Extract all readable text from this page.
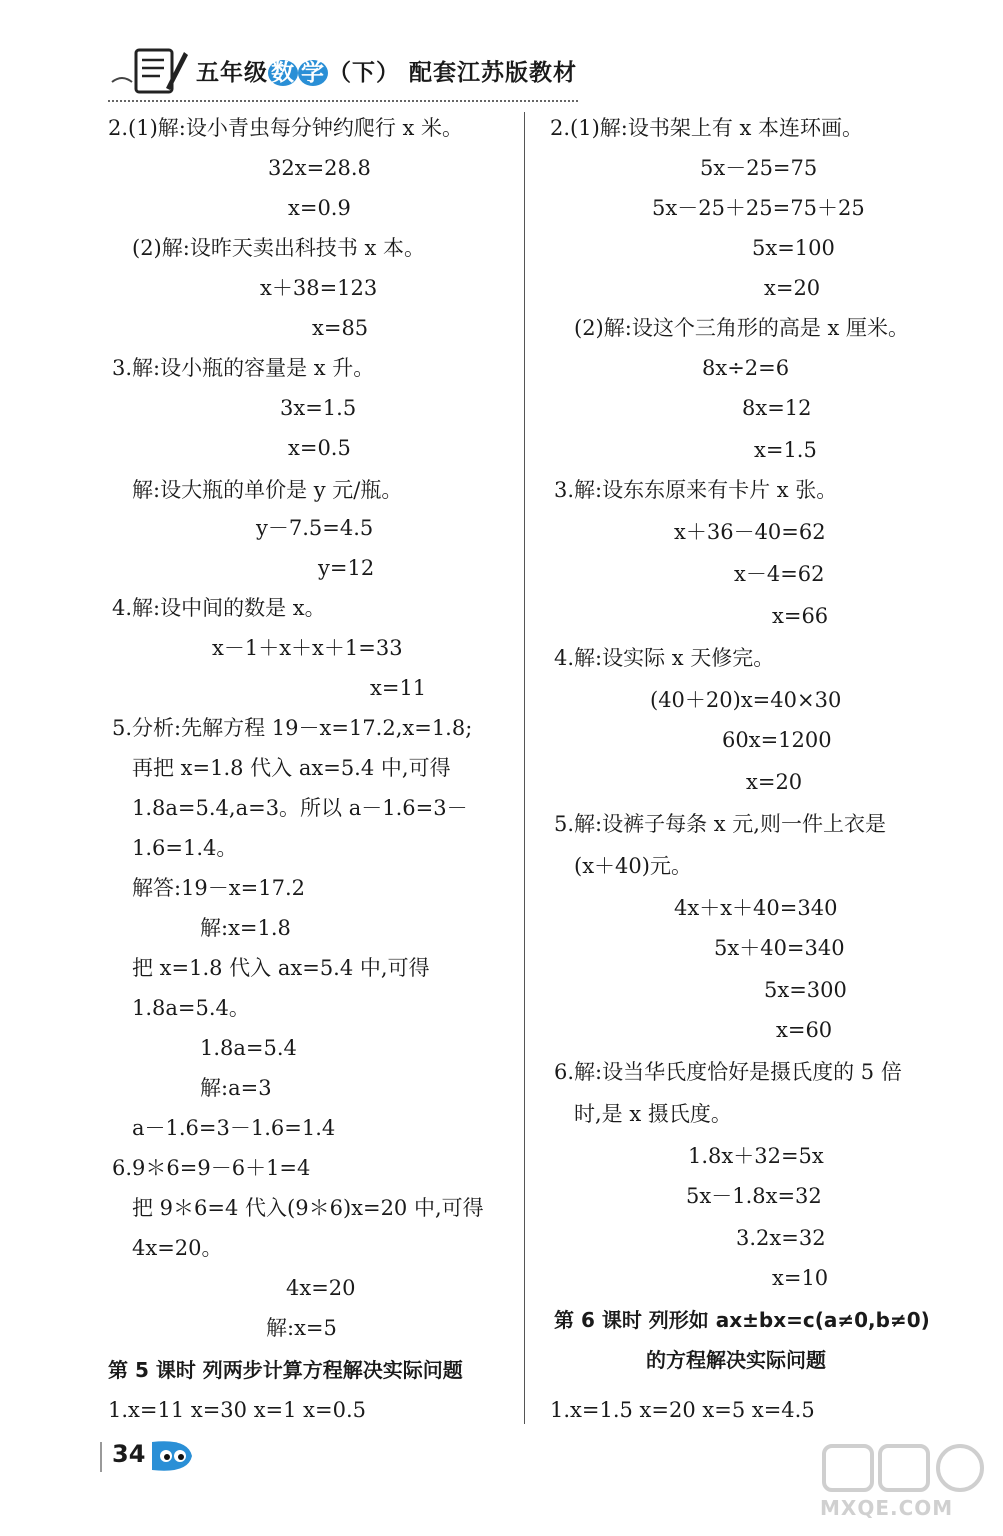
五年级 数 学 （下） 配套江苏版教材
2.(1)解:设小青虫每分钟约爬行 x 米。
32x=28.8
x=0.9
(2)解:设昨天卖出科技书 x 本。
x＋38=123
x=85
3.解:设小瓶的容量是 x 升。
3x=1.5
x=0.5
解:设大瓶的单价是 y 元/瓶。
y－7.5=4.5
y=12
4.解:设中间的数是 x。
x－1＋x＋x＋1=33
x=11
5.分析:先解方程 19－x=17.2,x=1.8;
再把 x=1.8 代入 ax=5.4 中,可得
1.8a=5.4,a=3。所以 a－1.6=3－
1.6=1.4。
解答:19－x=17.2
解:x=1.8
把 x=1.8 代入 ax=5.4 中,可得
1.8a=5.4。
1.8a=5.4
解:a=3
a－1.6=3－1.6=1.4
6.9＊6=9－6＋1=4
把 9＊6=4 代入(9＊6)x=20 中,可得
4x=20。
4x=20
解:x=5
第 5 课时 列两步计算方程解决实际问题
1.x=11 x=30 x=1 x=0.5
2.(1)解:设书架上有 x 本连环画。
5x－25=75
5x－25＋25=75＋25
5x=100
x=20
(2)解:设这个三角形的高是 x 厘米。
8x÷2=6
8x=12
x=1.5
3.解:设东东原来有卡片 x 张。
x＋36－40=62
x－4=62
x=66
4.解:设实际 x 天修完。
(40＋20)x=40×30
60x=1200
x=20
5.解:设裤子每条 x 元,则一件上衣是
(x＋40)元。
4x＋x＋40=340
5x＋40=340
5x=300
x=60
6.解:设当华氏度恰好是摄氏度的 5 倍
时,是 x 摄氏度。
1.8x＋32=5x
5x－1.8x=32
3.2x=32
x=10
第 6 课时 列形如 ax±bx=c(a≠0,b≠0)
的方程解决实际问题
1.x=1.5 x=20 x=5 x=4.5
34
MXQE.COM
